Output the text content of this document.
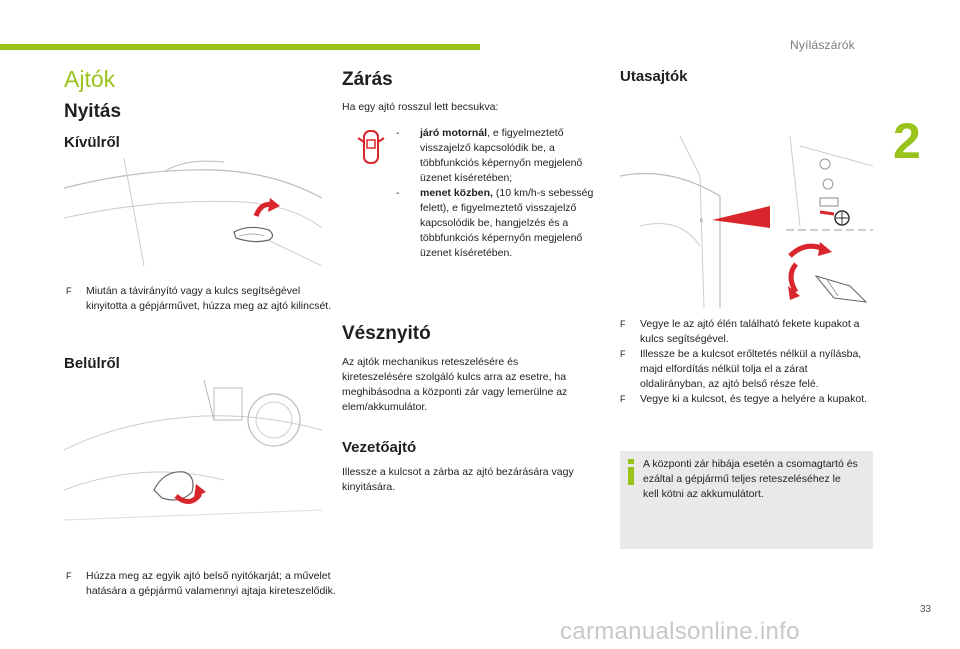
Nyílászárók
2
Ajtók
Nyitás
Kívülről
F Miután a távirányító vagy a kulcs segítségével kinyitotta a gépjárművet, húzza meg az ajtó kilincsét.
Belülről
F Húzza meg az egyik ajtó belső nyitókarját; a művelet hatására a gépjármű valamennyi ajtaja kireteszelődik.
Zárás
Ha egy ajtó rosszul lett becsukva:
-	járó motornál, e figyelmeztető visszajelző kapcsolódik be, a többfunkciós képernyőn megjelenő üzenet kíséretében;
-	menet közben, (10 km/h-s sebesség felett), e figyelmeztető visszajelző kapcsolódik be, hangjelzés és a többfunkciós képernyőn megjelenő üzenet kíséretében.
Vésznyitó
Az ajtók mechanikus reteszelésére és kireteszelésére szolgáló kulcs arra az esetre, ha meghibásodna a központi zár vagy lemerülne az elem/akkumulátor.
Vezetőajtó
Illessze a kulcsot a zárba az ajtó bezárására vagy kinyitására.
Utasajtók
c
F Vegye le az ajtó élén található fekete kupakot a kulcs segítségével.
F Illessze be a kulcsot erőltetés nélkül a nyílásba, majd elfordítás nélkül tolja el a zárat oldalirányban, az ajtó belső része felé.
F Vegye ki a kulcsot, és tegye a helyére a kupakot.
A központi zár hibája esetén a csomagtartó és ezáltal a gépjármű teljes reteszeléséhez le kell kötni az akkumulátort.
33
carmanualsonline.info
